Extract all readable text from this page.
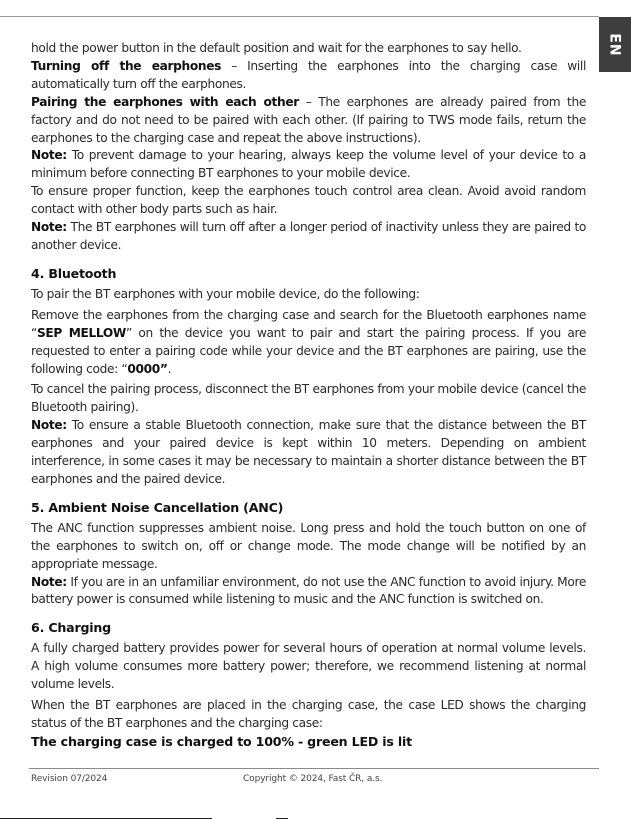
EN

hold the power button in the default position and wait for the earphones to say hello.

Turning off the earphones – Inserting the earphones into the charging case will automatically turn off the earphones.

Pairing the earphones with each other – The earphones are already paired from the factory and do not need to be paired with each other. (If pairing to TWS mode fails, return the earphones to the charging case and repeat the above instructions).

Note: To prevent damage to your hearing, always keep the volume level of your device to a minimum before connecting BT earphones to your mobile device.

To ensure proper function, keep the earphones touch control area clean. Avoid avoid random contact with other body parts such as hair.

Note: The BT earphones will turn off after a longer period of inactivity unless they are paired to another device.

4. Bluetooth

To pair the BT earphones with your mobile device, do the following:

Remove the earphones from the charging case and search for the Bluetooth earphones name “SEP MELLOW” on the device you want to pair and start the pairing process. If you are requested to enter a pairing code while your device and the BT earphones are pairing, use the following code: “0000”.

To cancel the pairing process, disconnect the BT earphones from your mobile device (cancel the Bluetooth pairing).

Note: To ensure a stable Bluetooth connection, make sure that the distance between the BT earphones and your paired device is kept within 10 meters. Depending on ambient interference, in some cases it may be necessary to maintain a shorter distance between the BT earphones and the paired device.

5. Ambient Noise Cancellation (ANC)

The ANC function suppresses ambient noise. Long press and hold the touch button on one of the earphones to switch on, off or change mode. The mode change will be notified by an appropriate message.

Note: If you are in an unfamiliar environment, do not use the ANC function to avoid injury. More battery power is consumed while listening to music and the ANC function is switched on.

6. Charging

A fully charged battery provides power for several hours of operation at normal volume levels. A high volume consumes more battery power; therefore, we recommend listening at normal volume levels.

When the BT earphones are placed in the charging case, the case LED shows the charging status of the BT earphones and the charging case:

The charging case is charged to 100% - green LED is lit

Revision 07/2024	Copyright © 2024, Fast ČR, a.s.
